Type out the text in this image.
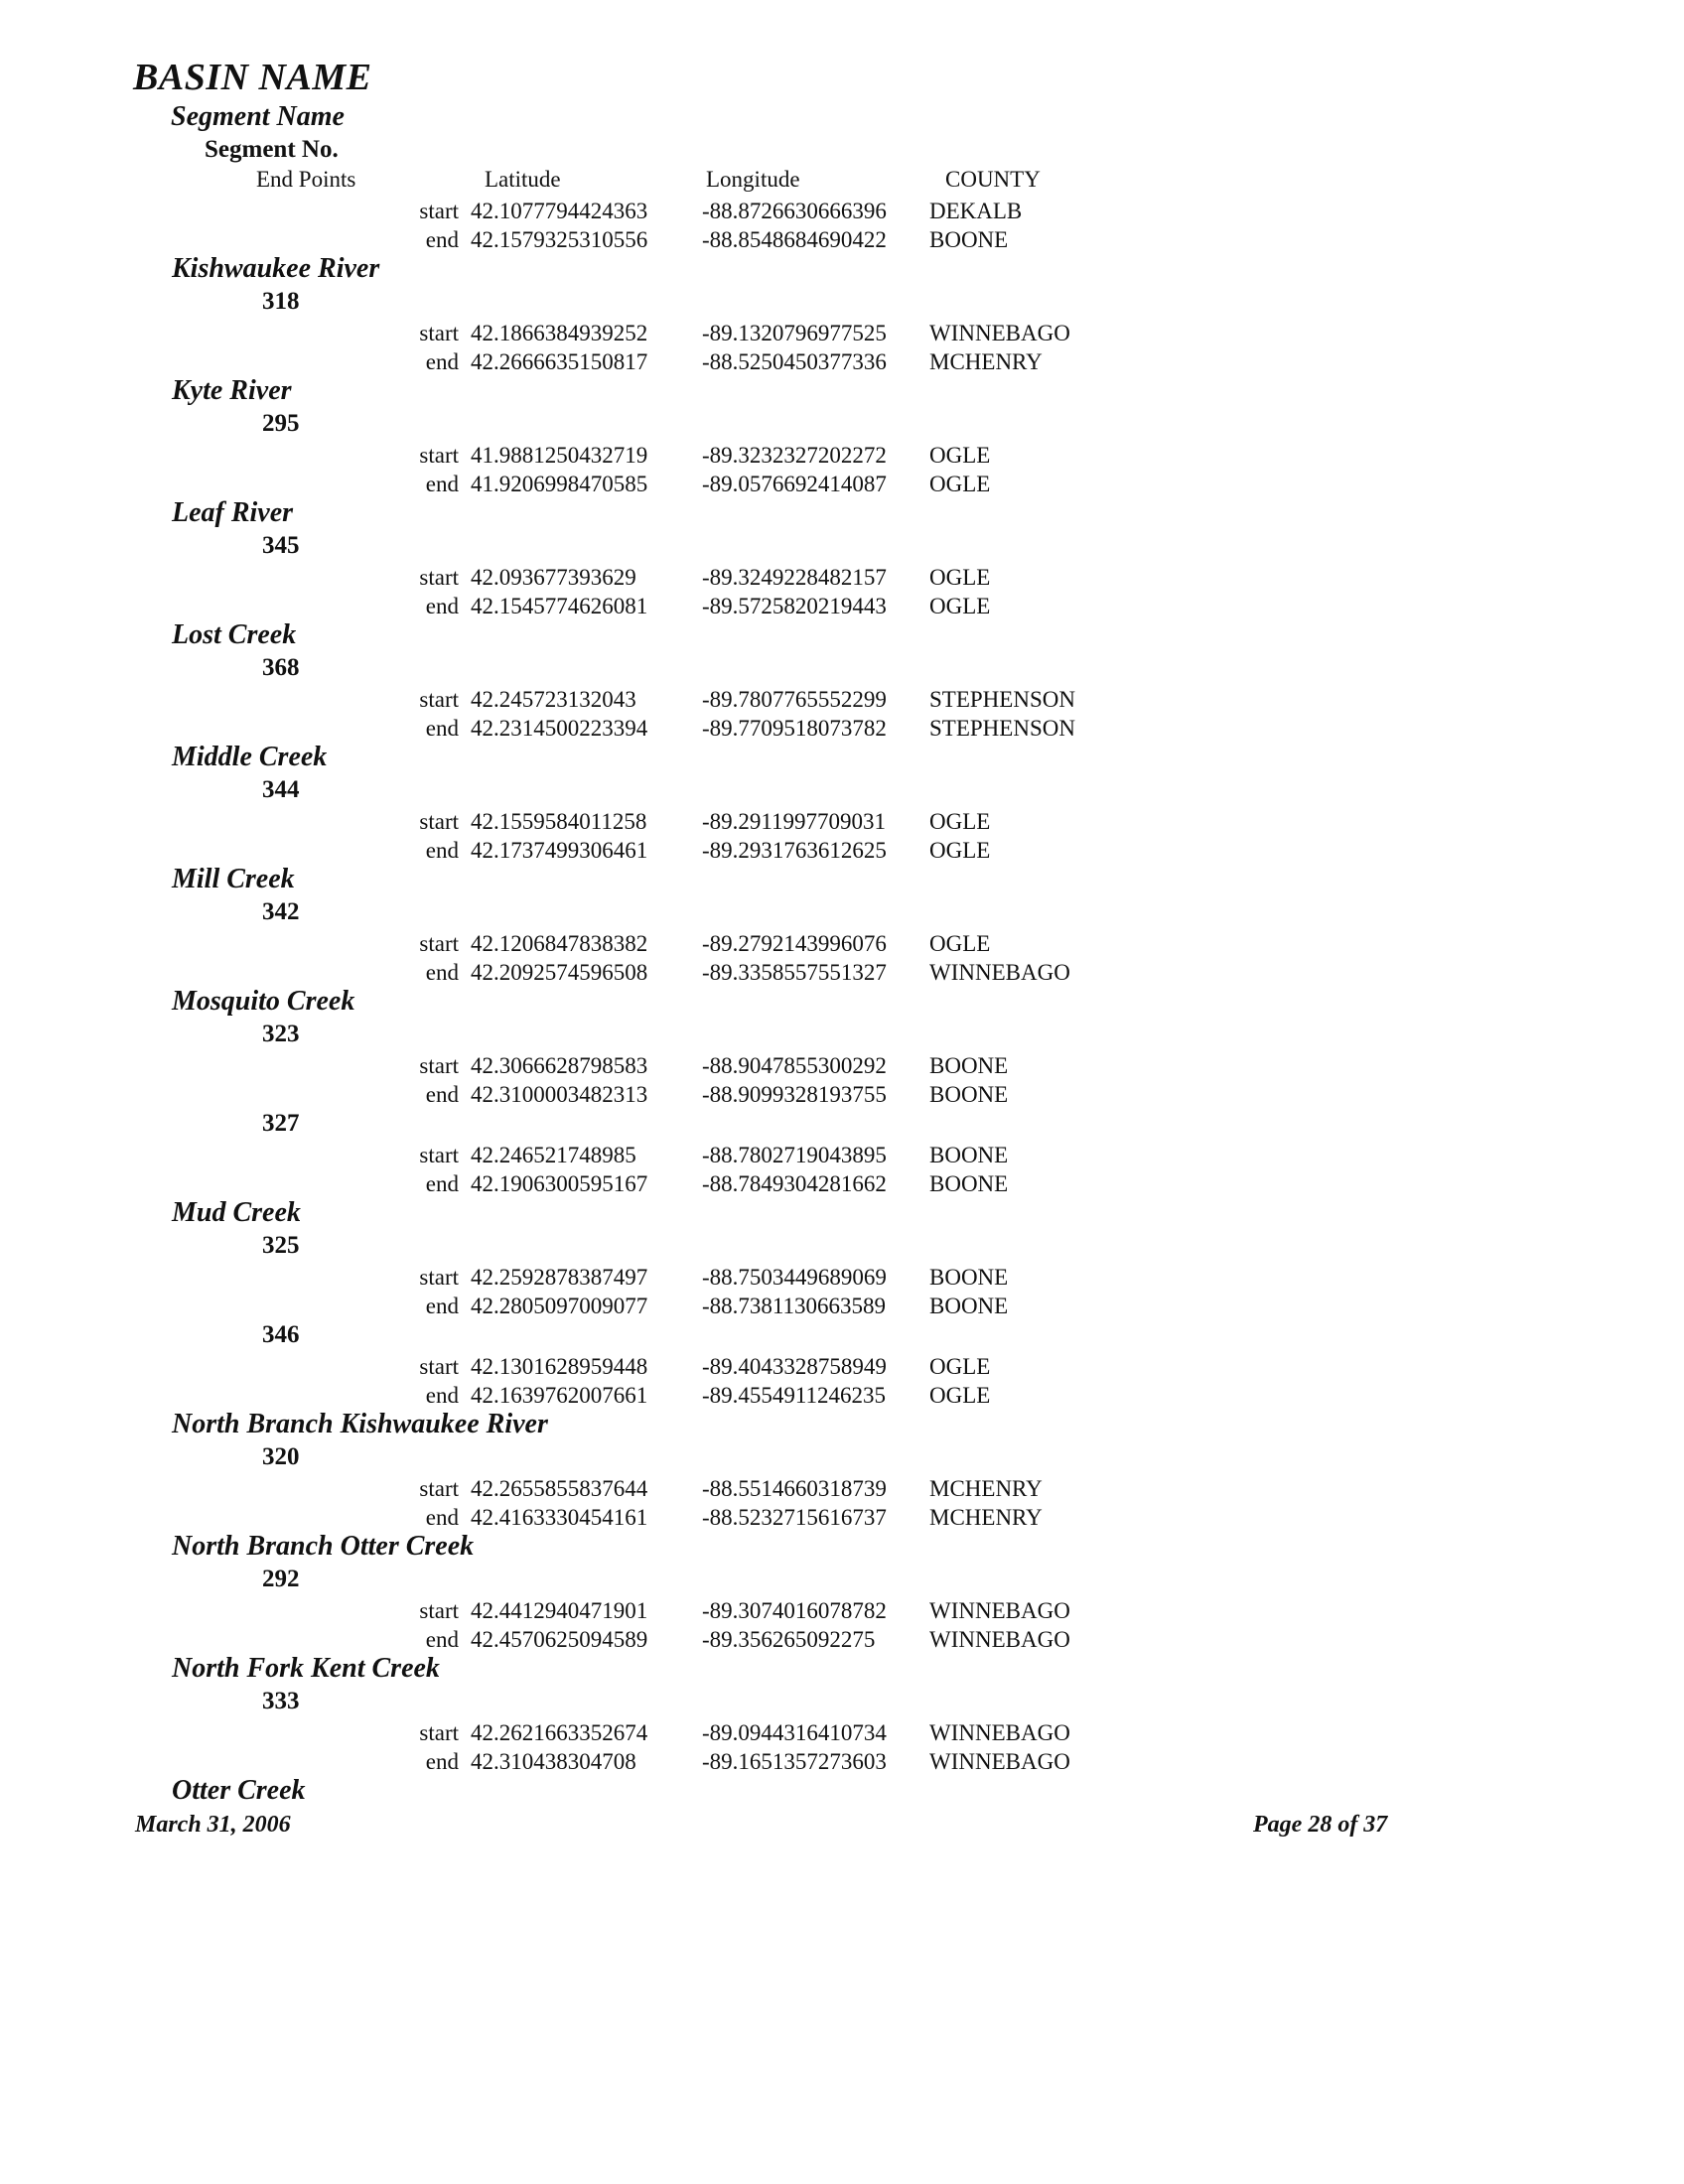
BASIN NAME
Segment Name
Segment No.
End Points	Latitude	Longitude	COUNTY
start 42.1077794424363 -88.8726630666396 DEKALB
end 42.1579325310556 -88.8548684690422 BOONE
Kishwaukee River
318
start 42.1866384939252 -89.1320796977525 WINNEBAGO
end 42.2666635150817 -88.5250450377336 MCHENRY
Kyte River
295
start 41.9881250432719 -89.3232327202272 OGLE
end 41.9206998470585 -89.0576692414087 OGLE
Leaf River
345
start 42.093677393629	-89.3249228482157 OGLE
end 42.1545774626081 -89.5725820219443 OGLE
Lost Creek
368
start 42.245723132043	-89.7807765552299 STEPHENSON
end 42.2314500223394 -89.7709518073782 STEPHENSON
Middle Creek
344
start 42.1559584011258 -89.2911997709031 OGLE
end 42.1737499306461 -89.2931763612625 OGLE
Mill Creek
342
start 42.1206847838382 -89.2792143996076 OGLE
end 42.2092574596508 -89.3358557551327 WINNEBAGO
Mosquito Creek
323
start 42.3066628798583 -88.9047855300292 BOONE
end 42.3100003482313 -88.9099328193755 BOONE
327
start 42.246521748985	-88.7802719043895 BOONE
end 42.1906300595167 -88.7849304281662 BOONE
Mud Creek
325
start 42.2592878387497 -88.7503449689069 BOONE
end 42.2805097009077 -88.7381130663589 BOONE
346
start 42.1301628959448 -89.4043328758949 OGLE
end 42.1639762007661 -89.4554911246235 OGLE
North Branch Kishwaukee River
320
start 42.2655855837644 -88.5514660318739 MCHENRY
end 42.4163330454161 -88.5232715616737 MCHENRY
North Branch Otter Creek
292
start 42.4412940471901 -89.3074016078782 WINNEBAGO
end 42.4570625094589 -89.356265092275 WINNEBAGO
North Fork Kent Creek
333
start 42.2621663352674 -89.0944316410734 WINNEBAGO
end 42.310438304708	-89.1651357273603 WINNEBAGO
Otter Creek
March 31, 2006	Page 28 of 37
